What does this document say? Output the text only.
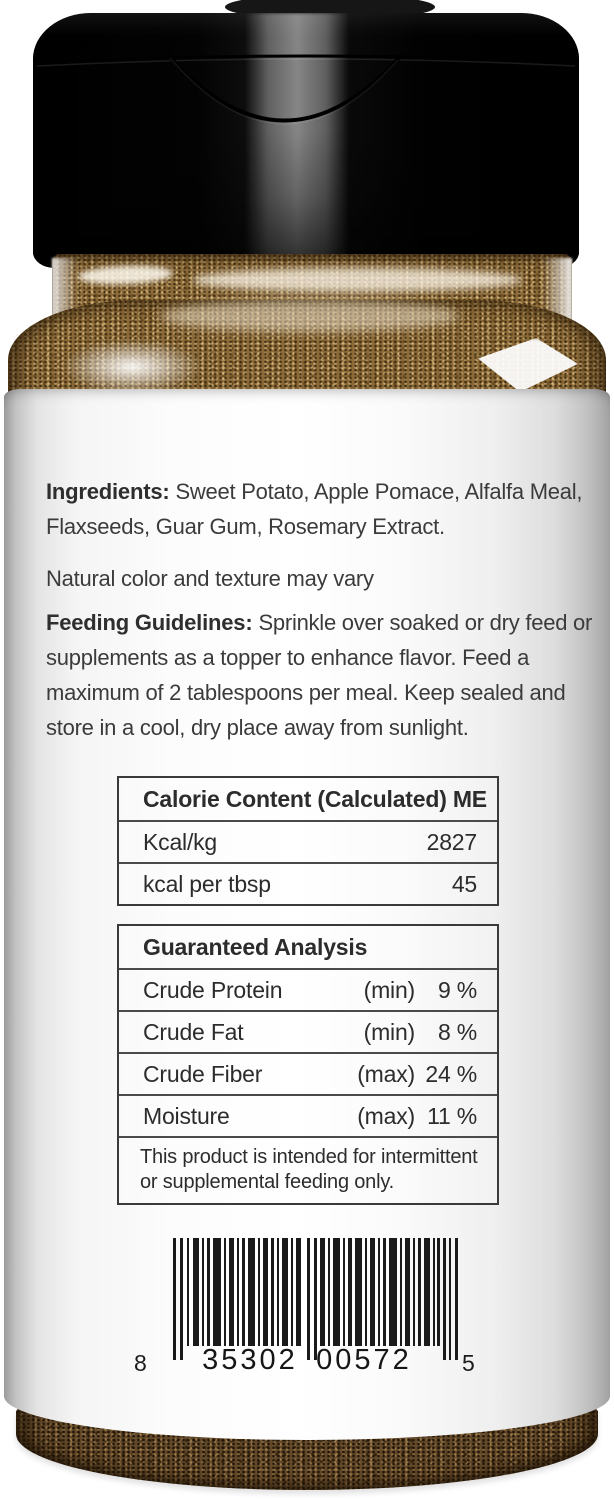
Ingredients: Sweet Potato, Apple Pomace, Alfalfa Meal, Flaxseeds, Guar Gum, Rosemary Extract.

Natural color and texture may vary

Feeding Guidelines: Sprinkle over soaked or dry feed or supplements as a topper to enhance flavor. Feed a maximum of 2 tablespoons per meal. Keep sealed and store in a cool, dry place away from sunlight.

Calorie Content (Calculated) ME
Kcal/kg	2827
kcal per tbsp	45
Guaranteed Analysis
Crude Protein	(min) 9 %
Crude Fat	(min) 8 %
Crude Fiber	(max) 24 %
Moisture	(max) 11 %
This product is intended for intermittent or supplemental feeding only.
8 35302 00572	5
